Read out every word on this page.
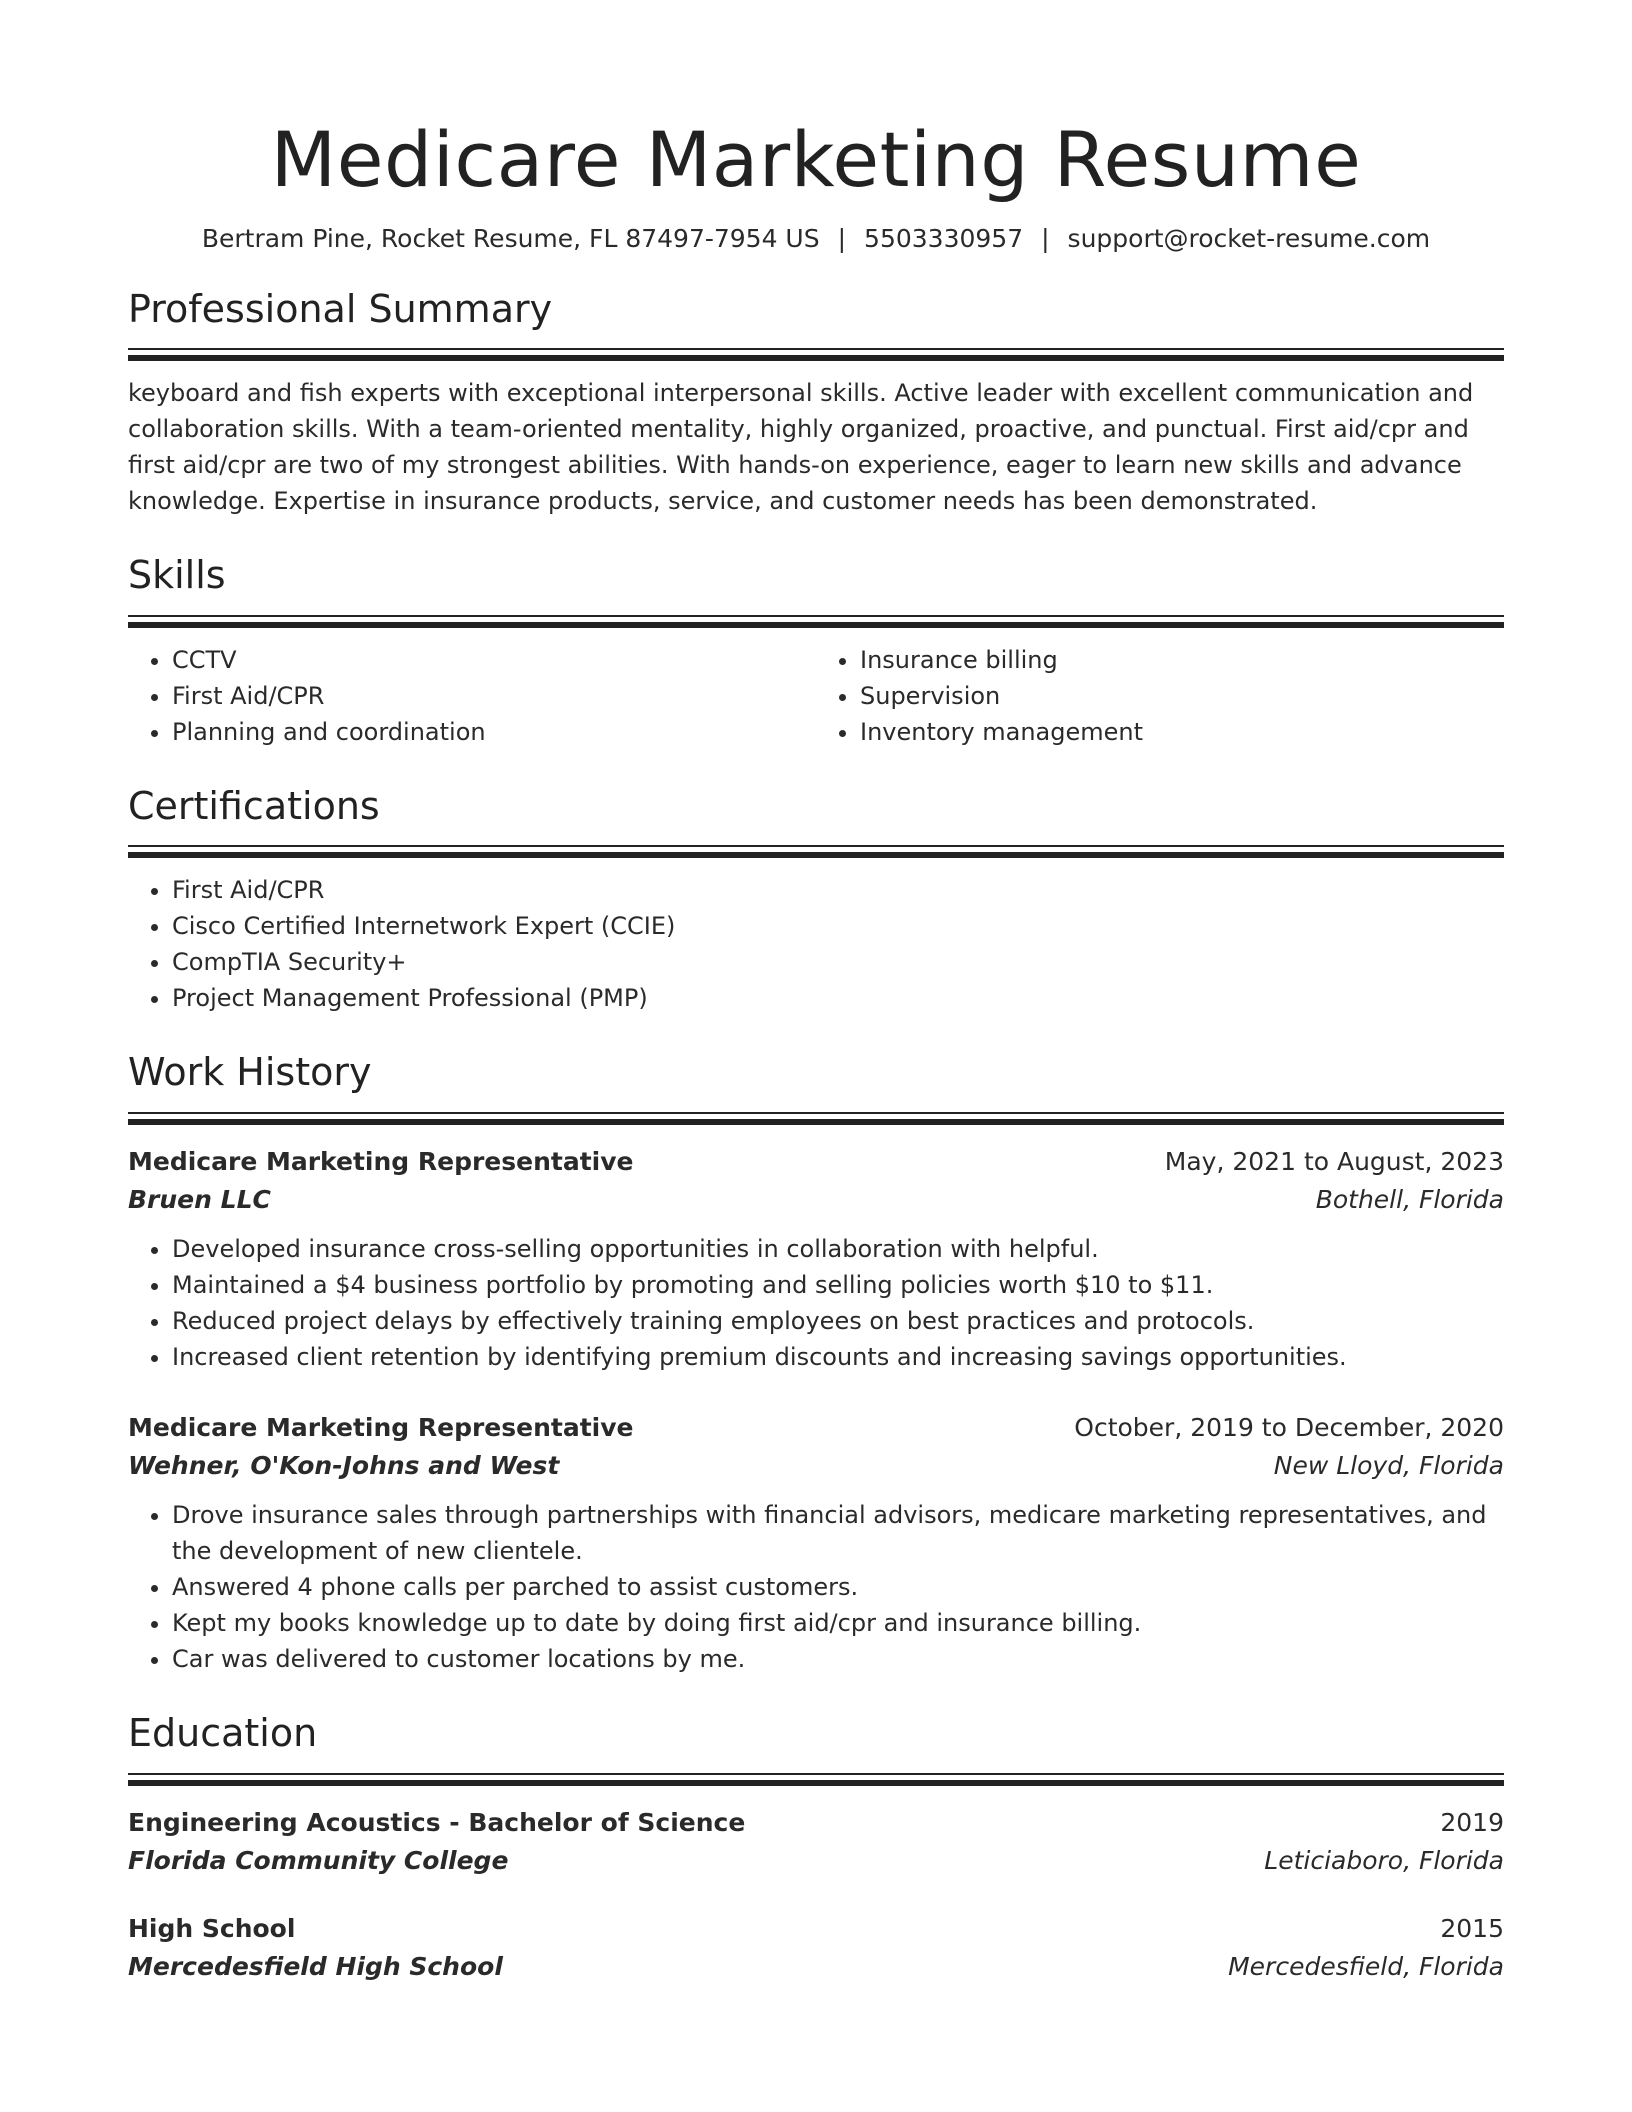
Medicare Marketing Resume
Bertram Pine, Rocket Resume, FL 87497-7954 US | 5503330957 | support@rocket-resume.com
Professional Summary
keyboard and fish experts with exceptional interpersonal skills. Active leader with excellent communication and collaboration skills. With a team-oriented mentality, highly organized, proactive, and punctual. First aid/cpr and first aid/cpr are two of my strongest abilities. With hands-on experience, eager to learn new skills and advance knowledge. Expertise in insurance products, service, and customer needs has been demonstrated.
Skills
• CCTV
• First Aid/CPR
• Planning and coordination
• Insurance billing
• Supervision
• Inventory management
Certifications
• First Aid/CPR
• Cisco Certified Internetwork Expert (CCIE)
• CompTIA Security+
• Project Management Professional (PMP)
Work History
Medicare Marketing Representative	May, 2021 to August, 2023
Bruen LLC	Bothell, Florida
• Developed insurance cross-selling opportunities in collaboration with helpful.
• Maintained a $4 business portfolio by promoting and selling policies worth $10 to $11.
• Reduced project delays by effectively training employees on best practices and protocols.
• Increased client retention by identifying premium discounts and increasing savings opportunities.
Medicare Marketing Representative	October, 2019 to December, 2020
Wehner, O'Kon-Johns and West	New Lloyd, Florida
• Drove insurance sales through partnerships with financial advisors, medicare marketing representatives, and the development of new clientele.
• Answered 4 phone calls per parched to assist customers.
• Kept my books knowledge up to date by doing first aid/cpr and insurance billing.
• Car was delivered to customer locations by me.
Education
Engineering Acoustics - Bachelor of Science	2019
Florida Community College	Leticiaboro, Florida
High School	2015
Mercedesfield High School	Mercedesfield, Florida
